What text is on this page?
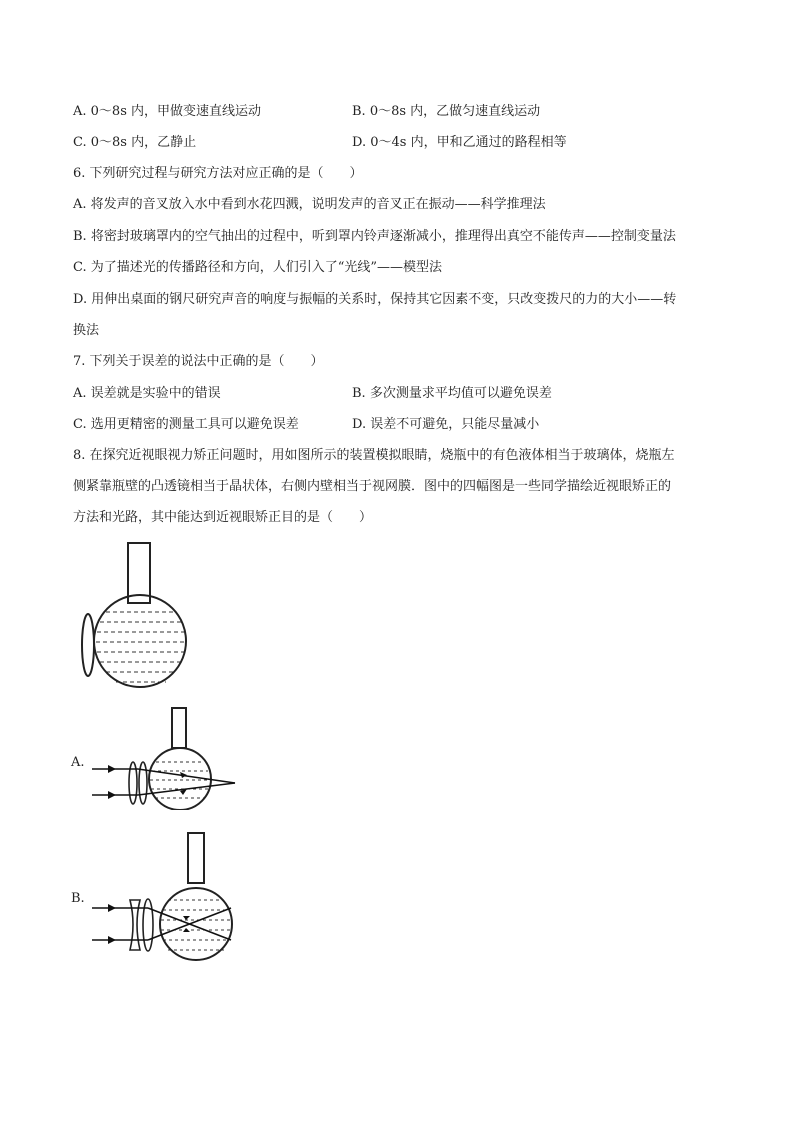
A. 0～8s 内，甲做变速直线运动	B. 0～8s 内，乙做匀速直线运动
C. 0～8s 内，乙静止	D. 0～4s 内，甲和乙通过的路程相等
6. 下列研究过程与研究方法对应正确的是（　　）
A. 将发声的音叉放入水中看到水花四溅，说明发声的音叉正在振动——科学推理法
B. 将密封玻璃罩内的空气抽出的过程中，听到罩内铃声逐渐减小，推理得出真空不能传声——控制变量法
C. 为了描述光的传播路径和方向，人们引入了“光线”——模型法
D. 用伸出桌面的钢尺研究声音的响度与振幅的关系时，保持其它因素不变，只改变拨尺的力的大小——转
换法
7. 下列关于误差的说法中正确的是（　　）
A. 误差就是实验中的错误	B. 多次测量求平均值可以避免误差
C. 选用更精密的测量工具可以避免误差	D. 误差不可避免，只能尽量减小
8. 在探究近视眼视力矫正问题时，用如图所示的装置模拟眼睛，烧瓶中的有色液体相当于玻璃体，烧瓶左
侧紧靠瓶壁的凸透镜相当于晶状体，右侧内壁相当于视网膜．图中的四幅图是一些同学描绘近视眼矫正的
方法和光路，其中能达到近视眼矫正目的是（　　）
A.
B.
